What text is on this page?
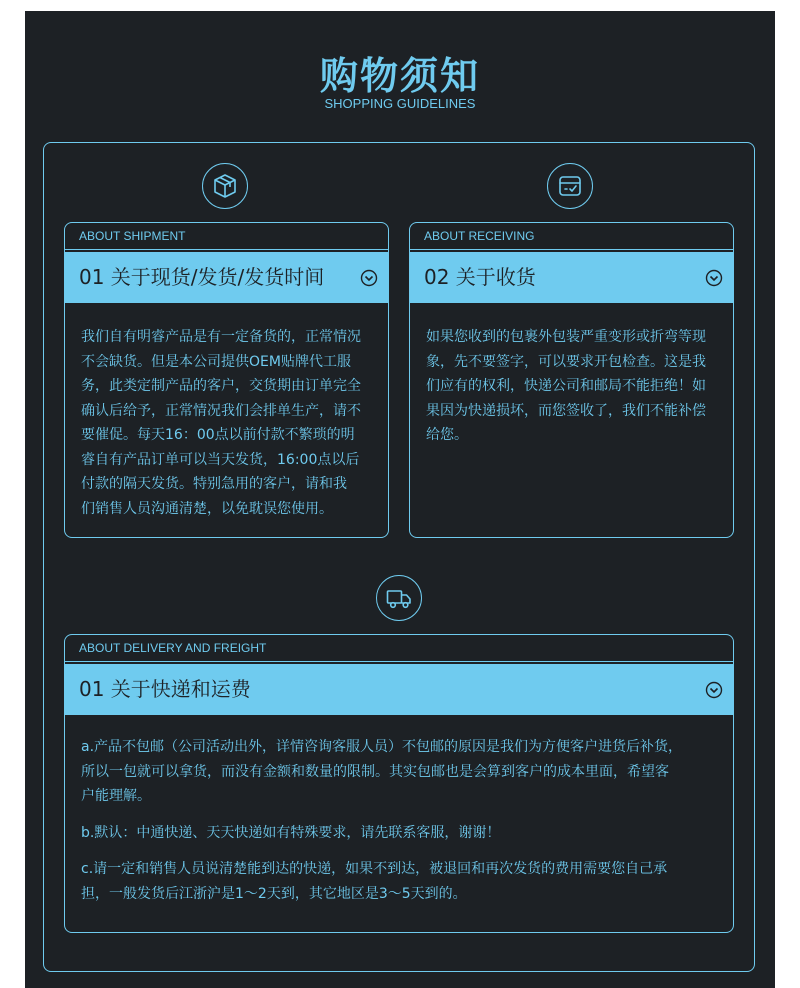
购物须知
SHOPPING GUIDELINES
ABOUT SHIPMENT
01 关于现货/发货/发货时间
我们自有明睿产品是有一定备货的，正常情况
不会缺货。但是本公司提供OEM贴牌代工服
务，此类定制产品的客户，交货期由订单完全
确认后给予，正常情况我们会排单生产，请不
要催促。每天16：00点以前付款不繁琐的明
睿自有产品订单可以当天发货，16:00点以后
付款的隔天发货。特别急用的客户，请和我
们销售人员沟通清楚，以免耽误您使用。
ABOUT RECEIVING
02 关于收货
如果您收到的包裹外包装严重变形或折弯等现
象，先不要签字，可以要求开包检查。这是我
们应有的权利，快递公司和邮局不能拒绝！如
果因为快递损坏，而您签收了，我们不能补偿
给您。
ABOUT DELIVERY AND FREIGHT
01 关于快递和运费
a.产品不包邮（公司活动出外，详情咨询客服人员）不包邮的原因是我们为方便客户进货后补货，
所以一包就可以拿货，而没有金额和数量的限制。其实包邮也是会算到客户的成本里面，希望客
户能理解。
b.默认：中通快递、天天快递如有特殊要求，请先联系客服，谢谢！
c.请一定和销售人员说清楚能到达的快递，如果不到达，被退回和再次发货的费用需要您自己承
担，一般发货后江浙沪是1～2天到，其它地区是3～5天到的。
